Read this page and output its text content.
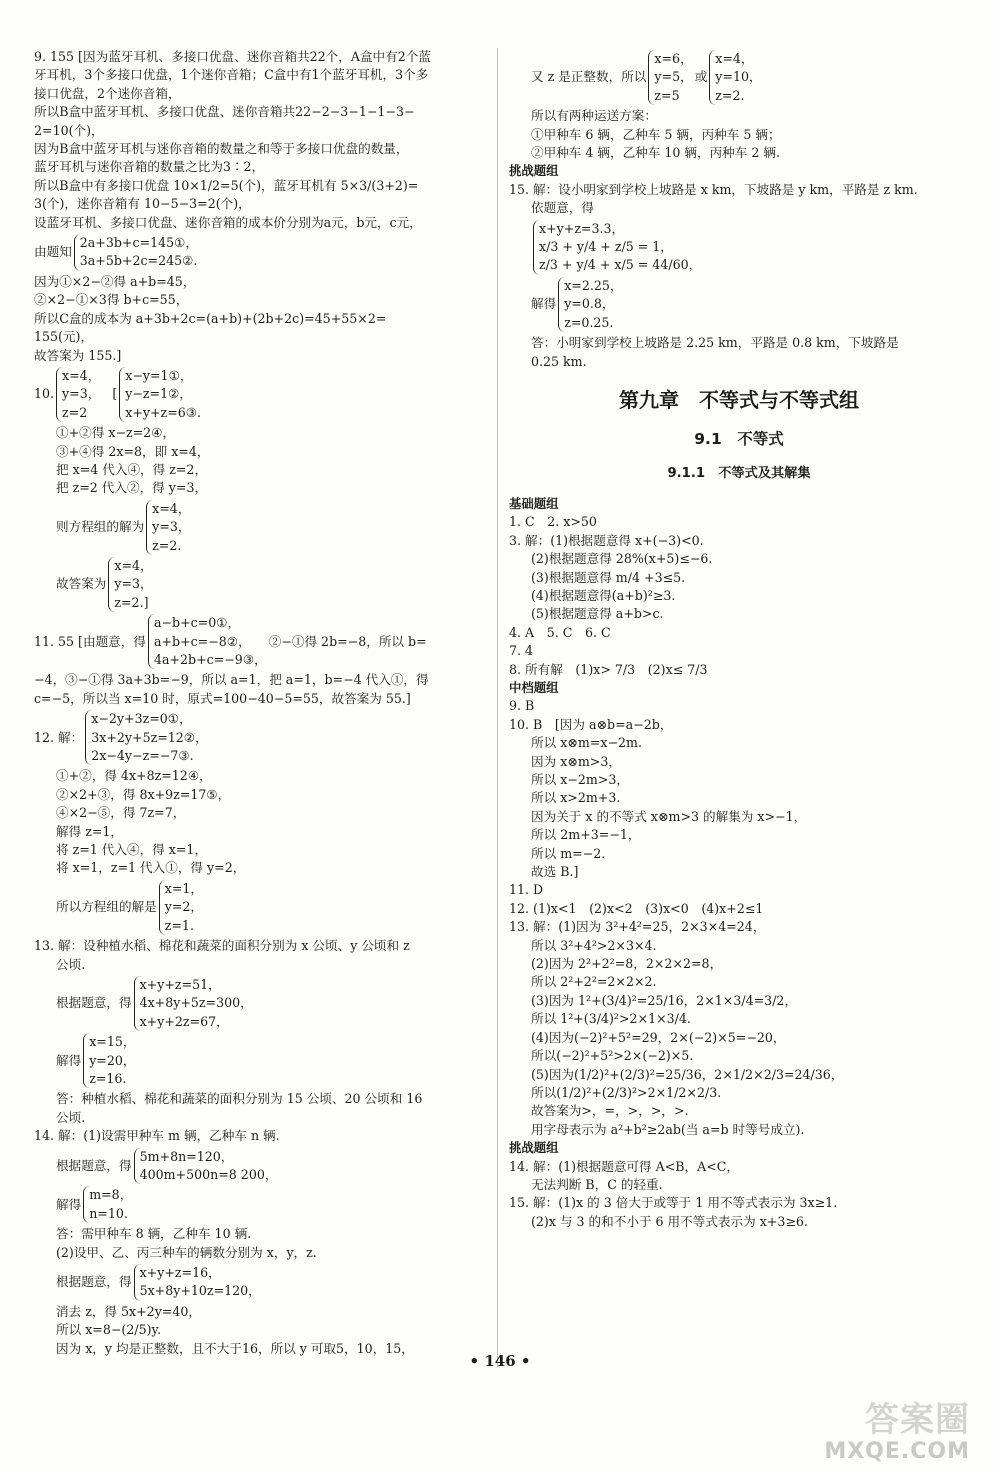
9. 155 [因为蓝牙耳机、多接口优盘、迷你音箱共22个，A盒中有2个蓝
牙耳机，3个多接口优盘，1个迷你音箱；C盒中有1个蓝牙耳机，3个多
接口优盘，2个迷你音箱，
所以B盒中蓝牙耳机、多接口优盘、迷你音箱共22−2−3−1−1−3−
2=10(个)，
因为B盒中蓝牙耳机与迷你音箱的数量之和等于多接口优盘的数量，
蓝牙耳机与迷你音箱的数量之比为3∶2，
所以B盒中有多接口优盘 10×1/2=5(个)，蓝牙耳机有 5×3/(3+2)=
3(个)，迷你音箱有 10−5−3=2(个)，
设蓝牙耳机、多接口优盘、迷你音箱的成本价分别为a元，b元，c元，
由题知
2a+3b+c=145①，
3a+5b+2c=245②.
因为①×2−②得 a+b=45，
②×2−①×3得 b+c=55，
所以C盒的成本为 a+3b+2c=(a+b)+(2b+2c)=45+55×2=
155(元)，
故答案为 155.]
10.
x=4，
y=3，
z=2
[
x−y=1①，
y−z=1②，
x+y+z=6③.
①+②得 x−z=2④，
③+④得 2x=8，即 x=4，
把 x=4 代入④，得 z=2，
把 z=2 代入②，得 y=3，
则方程组的解为
x=4，
y=3，
z=2.
故答案为
x=4，
y=3，
z=2.]
11. 55 [由题意，得
a−b+c=0①，
a+b+c=−8②，
4a+2b+c=−9③，
②−①得 2b=−8，所以 b=
−4，③−①得 3a+3b=−9，所以 a=1，把 a=1，b=−4 代入①，得
c=−5，所以当 x=10 时，原式=100−40−5=55，故答案为 55.]
12. 解：
x−2y+3z=0①，
3x+2y+5z=12②，
2x−4y−z=−7③.
①+②，得 4x+8z=12④，
②×2+③，得 8x+9z=17⑤，
④×2−⑤，得 7z=7，
解得 z=1，
将 z=1 代入④，得 x=1，
将 x=1，z=1 代入①，得 y=2，
所以方程组的解是
x=1，
y=2，
z=1.
13. 解：设种植水稻、棉花和蔬菜的面积分别为 x 公顷、y 公顷和 z
公顷.
根据题意，得
x+y+z=51，
4x+8y+5z=300，
x+y+2z=67，
解得
x=15，
y=20，
z=16.
答：种植水稻、棉花和蔬菜的面积分别为 15 公顷、20 公顷和 16
公顷.
14. 解：(1)设需甲种车 m 辆，乙种车 n 辆.
根据题意，得
5m+8n=120，
400m+500n=8 200，
解得
m=8，
n=10.
答：需甲种车 8 辆，乙种车 10 辆.
(2)设甲、乙、丙三种车的辆数分别为 x，y，z.
根据题意，得
x+y+z=16，
5x+8y+10z=120，
消去 z，得 5x+2y=40，
所以 x=8−(2/5)y.
因为 x，y 均是正整数，且不大于16，所以 y 可取5，10，15，
又 z 是正整数，所以
x=6，
y=5，
z=5
或
x=4，
y=10，
z=2.
所以有两种运送方案：
①甲种车 6 辆，乙种车 5 辆，丙种车 5 辆；
②甲种车 4 辆，乙种车 10 辆，丙种车 2 辆.
挑战题组
15. 解：设小明家到学校上坡路是 x km，下坡路是 y km，平路是 z km.
依题意，得
x+y+z=3.3，
x/3 + y/4 + z/5 = 1，
z/3 + y/4 + x/5 = 44/60，
解得
x=2.25，
y=0.8，
z=0.25.
答：小明家到学校上坡路是 2.25 km，平路是 0.8 km，下坡路是
0.25 km.
第九章　不等式与不等式组
9.1　不等式
9.1.1　不等式及其解集
基础题组
1. C　2. x>50
3. 解：(1)根据题意得 x+(−3)<0.
(2)根据题意得 28%(x+5)≤−6.
(3)根据题意得 m/4 +3≤5.
(4)根据题意得(a+b)²≥3.
(5)根据题意得 a+b>c.
4. A　5. C　6. C
7. 4
8. 所有解　(1)x> 7/3　(2)x≤ 7/3
中档题组
9. B
10. B　[因为 a⊗b=a−2b，
所以 x⊗m=x−2m.
因为 x⊗m>3，
所以 x−2m>3，
所以 x>2m+3.
因为关于 x 的不等式 x⊗m>3 的解集为 x>−1，
所以 2m+3=−1，
所以 m=−2.
故选 B.]
11. D
12. (1)x<1　(2)x<2　(3)x<0　(4)x+2≤1
13. 解：(1)因为 3²+4²=25，2×3×4=24，
所以 3²+4²>2×3×4.
(2)因为 2²+2²=8，2×2×2=8，
所以 2²+2²=2×2×2.
(3)因为 1²+(3/4)²=25/16，2×1×3/4=3/2，
所以 1²+(3/4)²>2×1×3/4.
(4)因为(−2)²+5²=29，2×(−2)×5=−20，
所以(−2)²+5²>2×(−2)×5.
(5)因为(1/2)²+(2/3)²=25/36，2×1/2×2/3=24/36，
所以(1/2)²+(2/3)²>2×1/2×2/3.
故答案为>，=，>，>，>.
用字母表示为 a²+b²≥2ab(当 a=b 时等号成立).
挑战题组
14. 解：(1)根据题意可得 A<B，A<C，
无法判断 B，C 的轻重.
15. 解：(1)x 的 3 倍大于或等于 1 用不等式表示为 3x≥1.
(2)x 与 3 的和不小于 6 用不等式表示为 x+3≥6.
• 146 •
答案圈
MXQE.COM
